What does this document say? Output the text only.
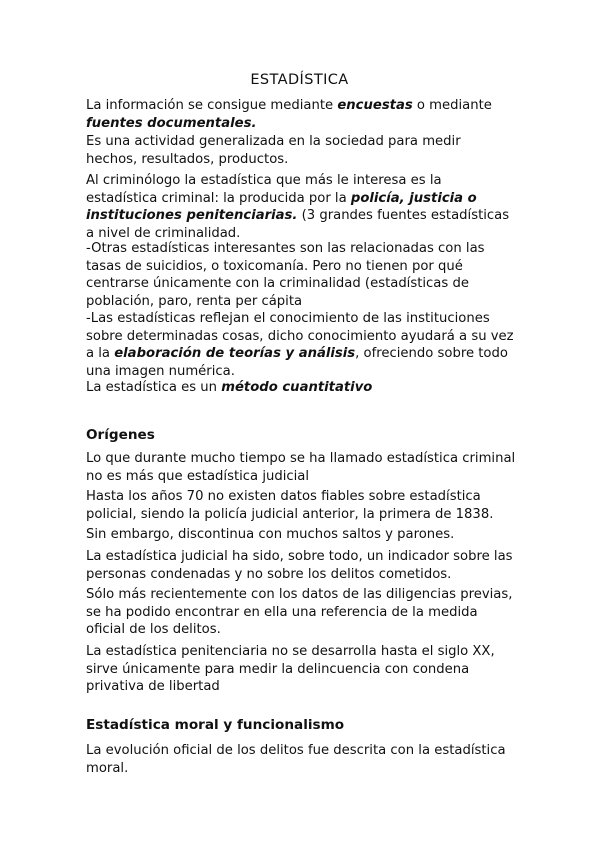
ESTADÍSTICA

La información se consigue mediante encuestas o mediante fuentes documentales.

Es una actividad generalizada en la sociedad para medir hechos, resultados, productos.

Al criminólogo la estadística que más le interesa es la estadística criminal: la producida por la policía, justicia o instituciones penitenciarias. (3 grandes fuentes estadísticas a nivel de criminalidad.

-Otras estadísticas interesantes son las relacionadas con las tasas de suicidios, o toxicomanía. Pero no tienen por qué centrarse únicamente con la criminalidad (estadísticas de población, paro, renta per cápita

-Las estadísticas reflejan el conocimiento de las instituciones sobre determinadas cosas, dicho conocimiento ayudará a su vez a la elaboración de teorías y análisis, ofreciendo sobre todo una imagen numérica.

La estadística es un método cuantitativo

Orígenes

Lo que durante mucho tiempo se ha llamado estadística criminal no es más que estadística judicial

Hasta los años 70 no existen datos fiables sobre estadística policial, siendo la policía judicial anterior, la primera de 1838.

Sin embargo, discontinua con muchos saltos y parones.

La estadística judicial ha sido, sobre todo, un indicador sobre las personas condenadas y no sobre los delitos cometidos.

Sólo más recientemente con los datos de las diligencias previas, se ha podido encontrar en ella una referencia de la medida oficial de los delitos.

La estadística penitenciaria no se desarrolla hasta el siglo XX, sirve únicamente para medir la delincuencia con condena privativa de libertad

Estadística moral y funcionalismo

La evolución oficial de los delitos fue descrita con la estadística moral.
